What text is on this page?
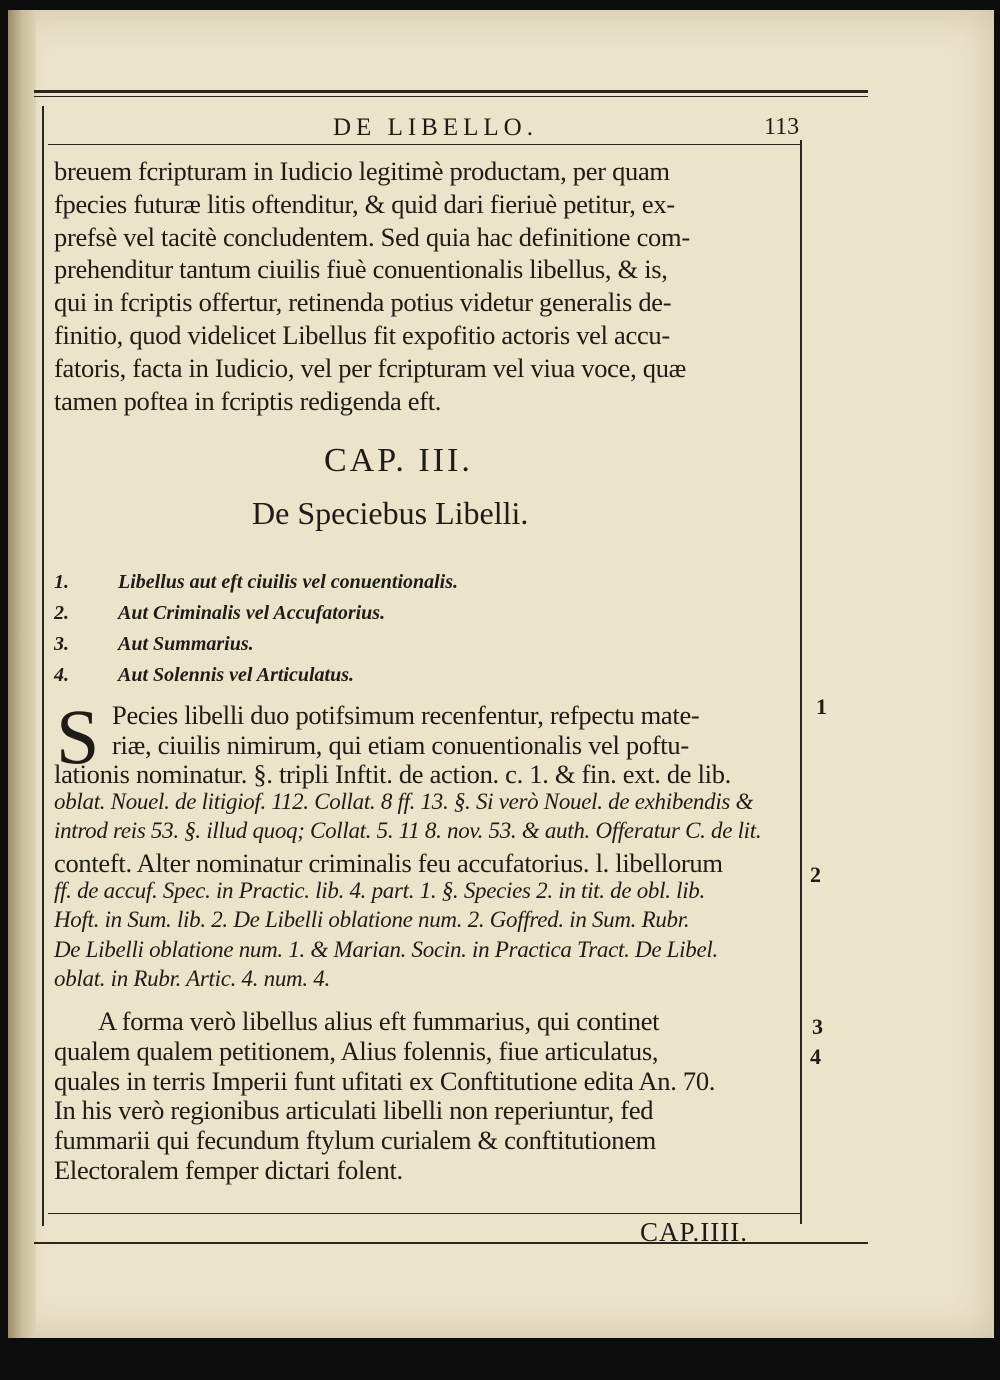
DE LIBELLO.	113
breuem fcripturam in Iudicio legitimè productam, per quam
fpecies futuræ litis oftenditur, & quid dari fieriuè petitur, ex-
prefsè vel tacitè concludentem. Sed quia hac definitione com-
prehenditur tantum ciuilis fiuè conuentionalis libellus, & is,
qui in fcriptis offertur, retinenda potius videtur generalis de-
finitio, quod videlicet Libellus fit expofitio actoris vel accu-
fatoris, facta in Iudicio, vel per fcripturam vel viua voce, quæ
tamen poftea in fcriptis redigenda eft.
CAP. III.
De Speciebus Libelli.
1. Libellus aut eft ciuilis vel conuentionalis.
2. Aut Criminalis vel Accufatorius.
3. Aut Summarius.
4. Aut Solennis vel Articulatus.
S Pecies libelli duo potifsimum recenfentur, refpectu mate-
riæ, ciuilis nimirum, qui etiam conuentionalis vel poftu-
lationis nominatur. §. tripli Inftit. de action. c. 1. & fin. ext. de lib.
oblat. Nouel. de litigiof. 112. Collat. 8 ff. 13. §. Si verò Nouel. de exhibendis &
introd reis 53. §. illud quoq; Collat. 5. 11 8. nov. 53. & auth. Offeratur C. de lit.
conteft. Alter nominatur criminalis feu accufatorius. l. libellorum
ff. de accuf. Spec. in Practic. lib. 4. part. 1. §. Species 2. in tit. de obl. lib.
Hoft. in Sum. lib. 2. De Libelli oblatione num. 2. Goffred. in Sum. Rubr.
De Libelli oblatione num. 1. & Marian. Socin. in Practica Tract. De Libel.
oblat. in Rubr. Artic. 4. num. 4.
A forma verò libellus alius eft fummarius, qui continet
qualem qualem petitionem, Alius folennis, fiue articulatus,
quales in terris Imperii funt ufitati ex Conftitutione edita An. 70.
In his verò regionibus articulati libelli non reperiuntur, fed
fummarii qui fecundum ftylum curialem & conftitutionem
Electoralem femper dictari folent.
1
2
3
4
CAP.IIII.
